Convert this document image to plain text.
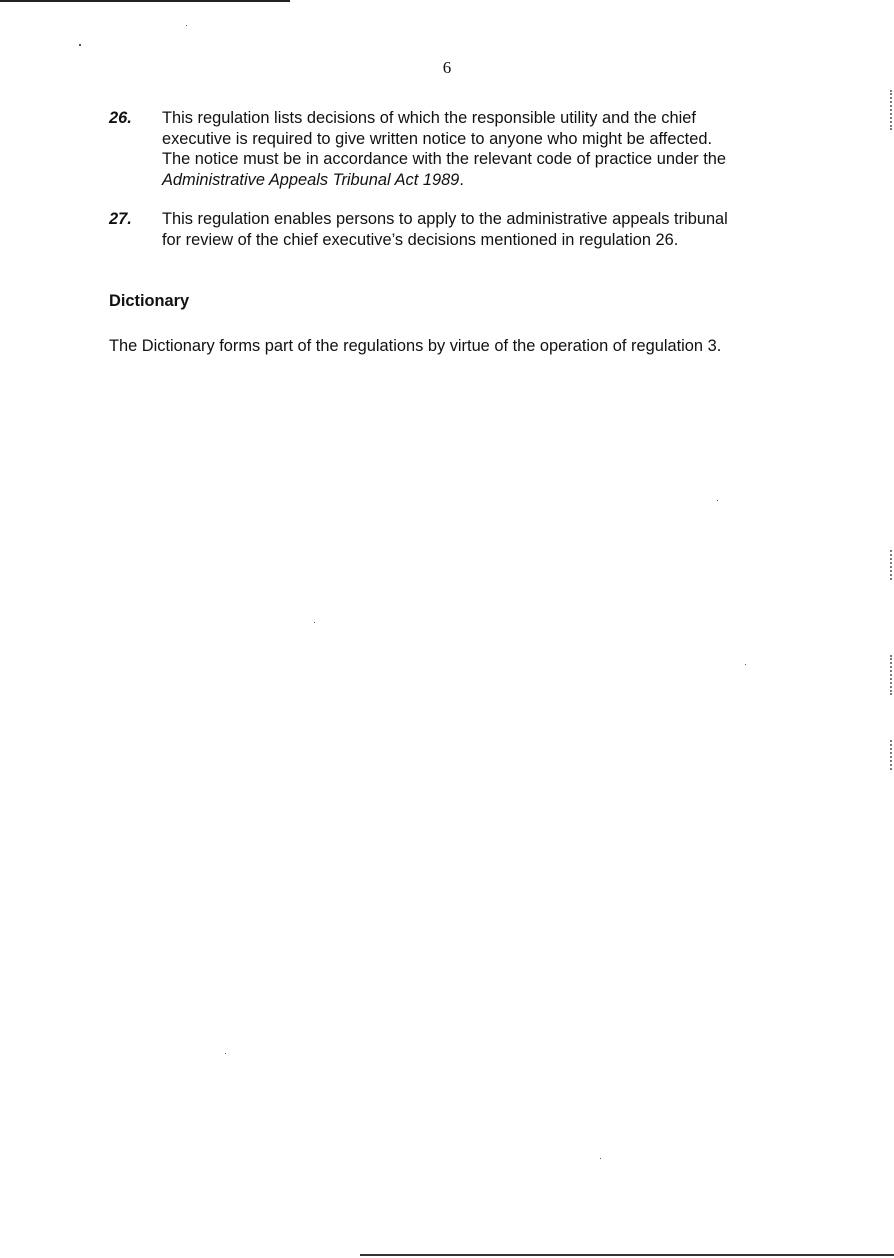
6
26. This regulation lists decisions of which the responsible utility and the chief
executive is required to give written notice to anyone who might be affected.
The notice must be in accordance with the relevant code of practice under the
Administrative Appeals Tribunal Act 1989.
27. This regulation enables persons to apply to the administrative appeals tribunal
for review of the chief executive’s decisions mentioned in regulation 26.
Dictionary
The Dictionary forms part of the regulations by virtue of the operation of regulation 3.
